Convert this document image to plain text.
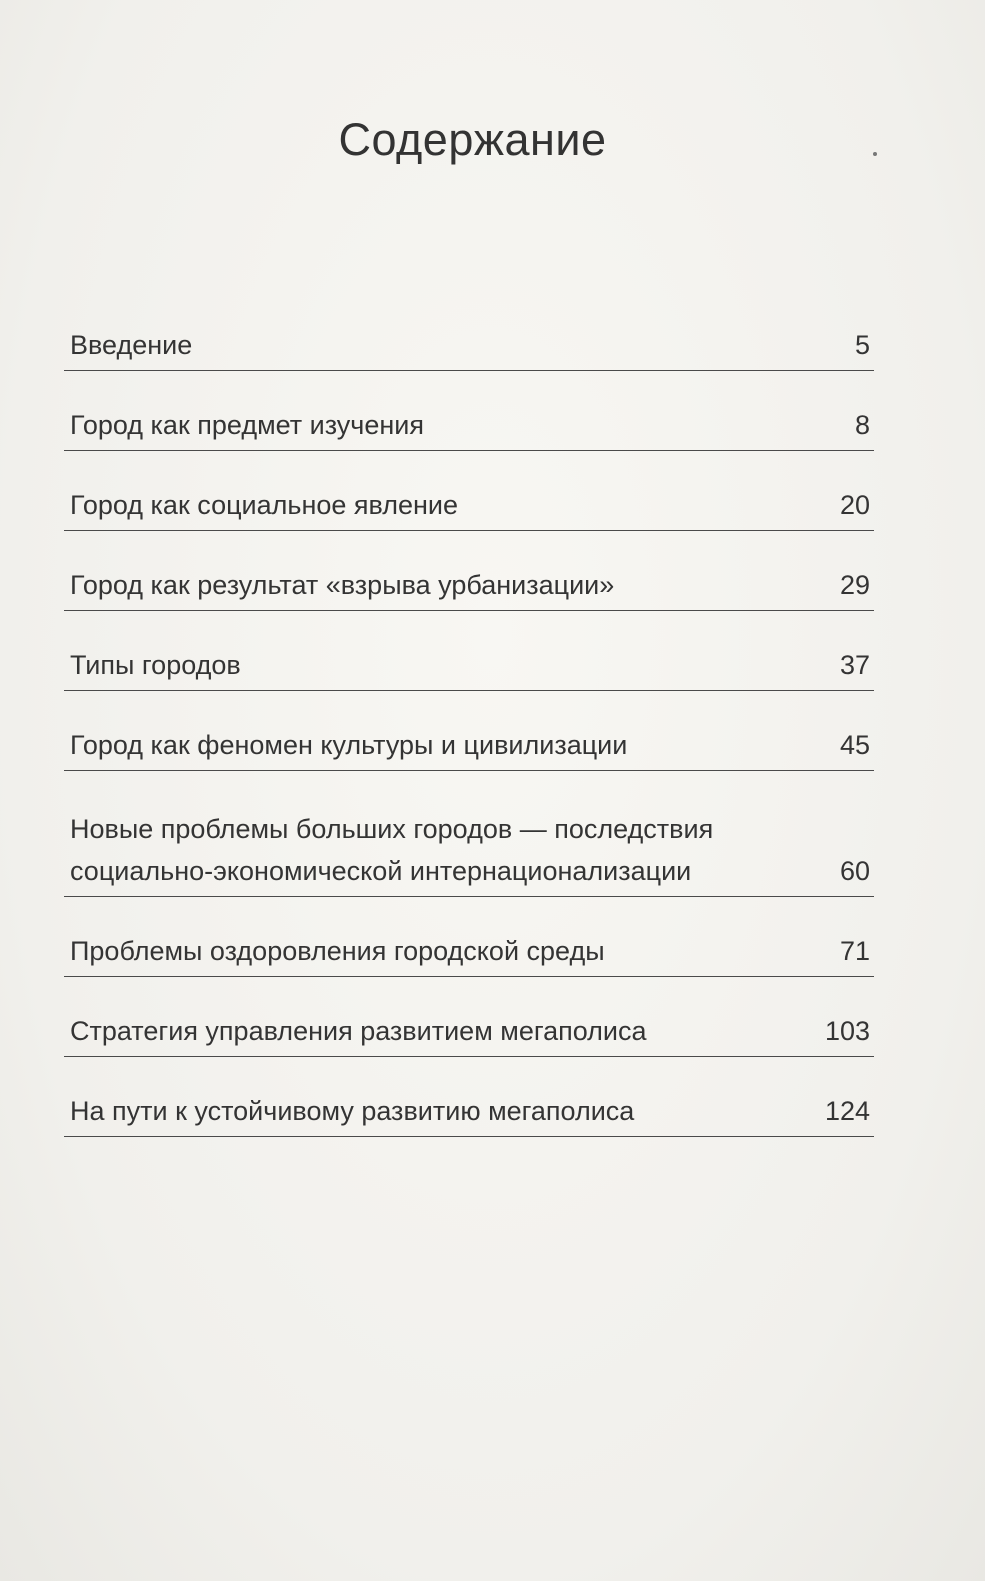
Содержание
Введение	5
Город как предмет изучения	8
Город как социальное явление	20
Город как результат «взрыва урбанизации»	29
Типы городов	37
Город как феномен культуры и цивилизации	45
Новые проблемы больших городов — последствия социально-экономической интернационализации	60
Проблемы оздоровления городской среды	71
Стратегия управления развитием мегаполиса	103
На пути к устойчивому развитию мегаполиса	124
